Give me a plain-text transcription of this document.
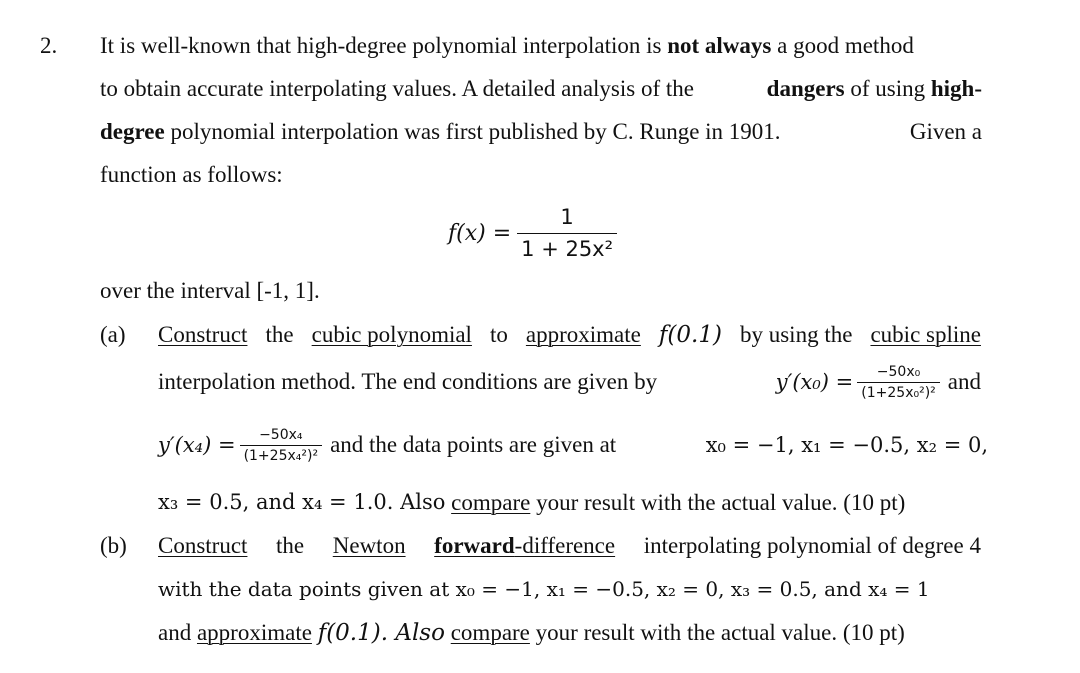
2. It is well-known that high-degree polynomial interpolation is not always a good method
to obtain accurate interpolating values. A detailed analysis of the	dangers of using high-
degree polynomial interpolation was first published by C. Runge in 1901.	Given a
function as follows:
$f(x) = \frac{1}{\text{1 + 25x²}}$
over the interval [-1, 1].
(a) Construct the cubic polynomial to approximate f(0.1) by using the cubic spline
interpolation method. The end conditions are given by	$y'(x_0) = \frac{\text{−50x₀}}{\text{(1+25x₀²)²}}$ and
$y'(x_4) = \frac{\text{−50x₄}}{\text{(1+25x₄²)²}}$ and the data points are given at	x₀ = −1, x₁ = −0.5, x₂ = 0,
x₃ = 0.5, and x₄ = 1.0. Also
compare
your result with the actual value. (10 pt)
(b) Construct the Newton forward-difference interpolating polynomial of degree 4
with the data points given at x₀ = −1, x₁ = −0.5, x₂ = 0, x₃ = 0.5, and x₄ = 1
and
approximate
f(0.1). Also
compare
your result with the actual value. (10 pt)
